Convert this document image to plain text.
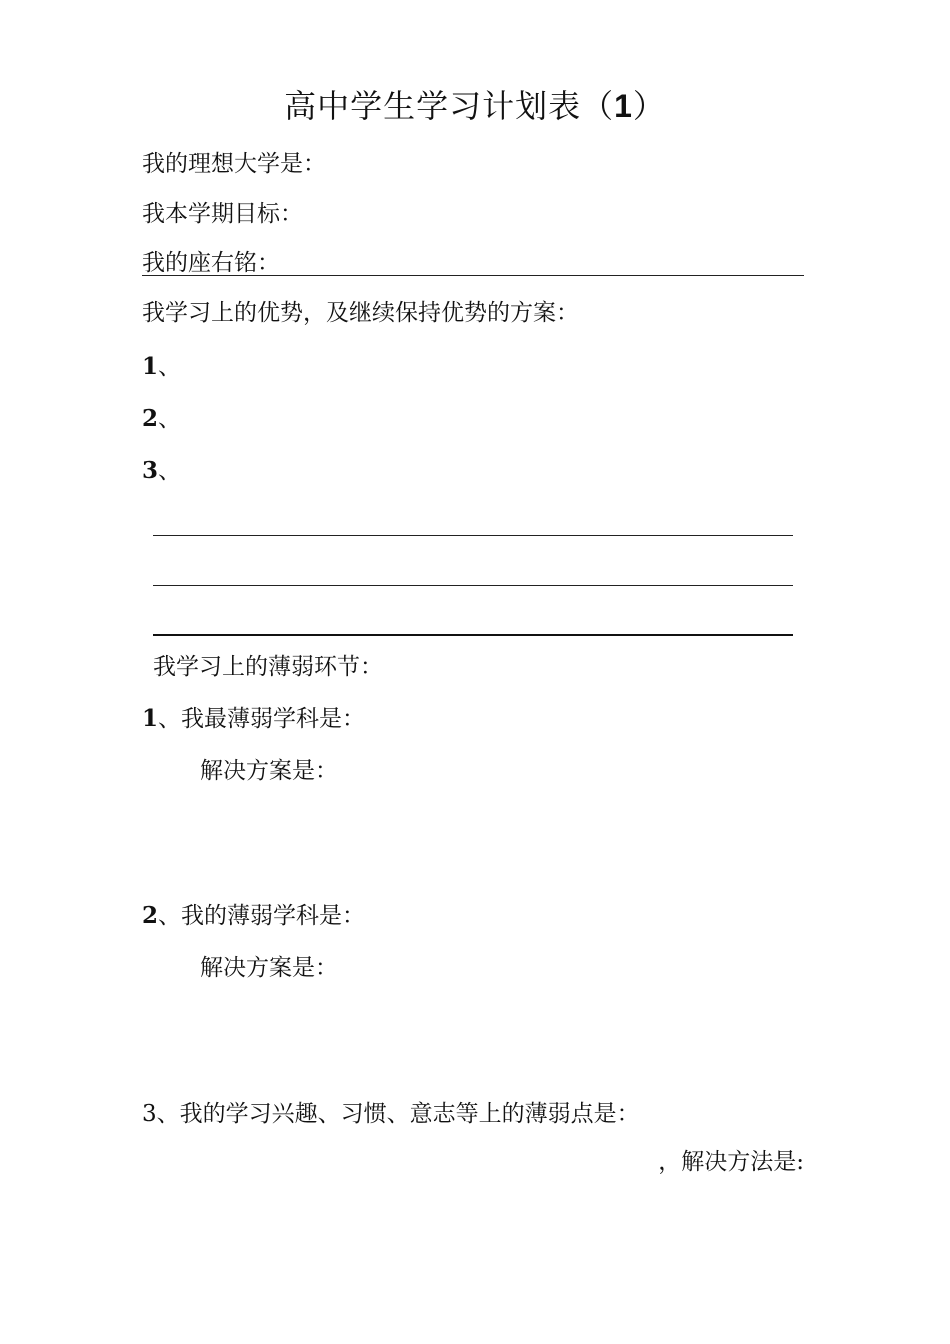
高中学生学习计划表（1）
我的理想大学是：
我本学期目标：
我的座右铭：
我学习上的优势，及继续保持优势的方案：
1、
2、
3、
我学习上的薄弱环节：
1、我最薄弱学科是：
解决方案是：
2、我的薄弱学科是：
解决方案是：
3、我的学习兴趣、习惯、意志等上的薄弱点是：
，解决方法是:
